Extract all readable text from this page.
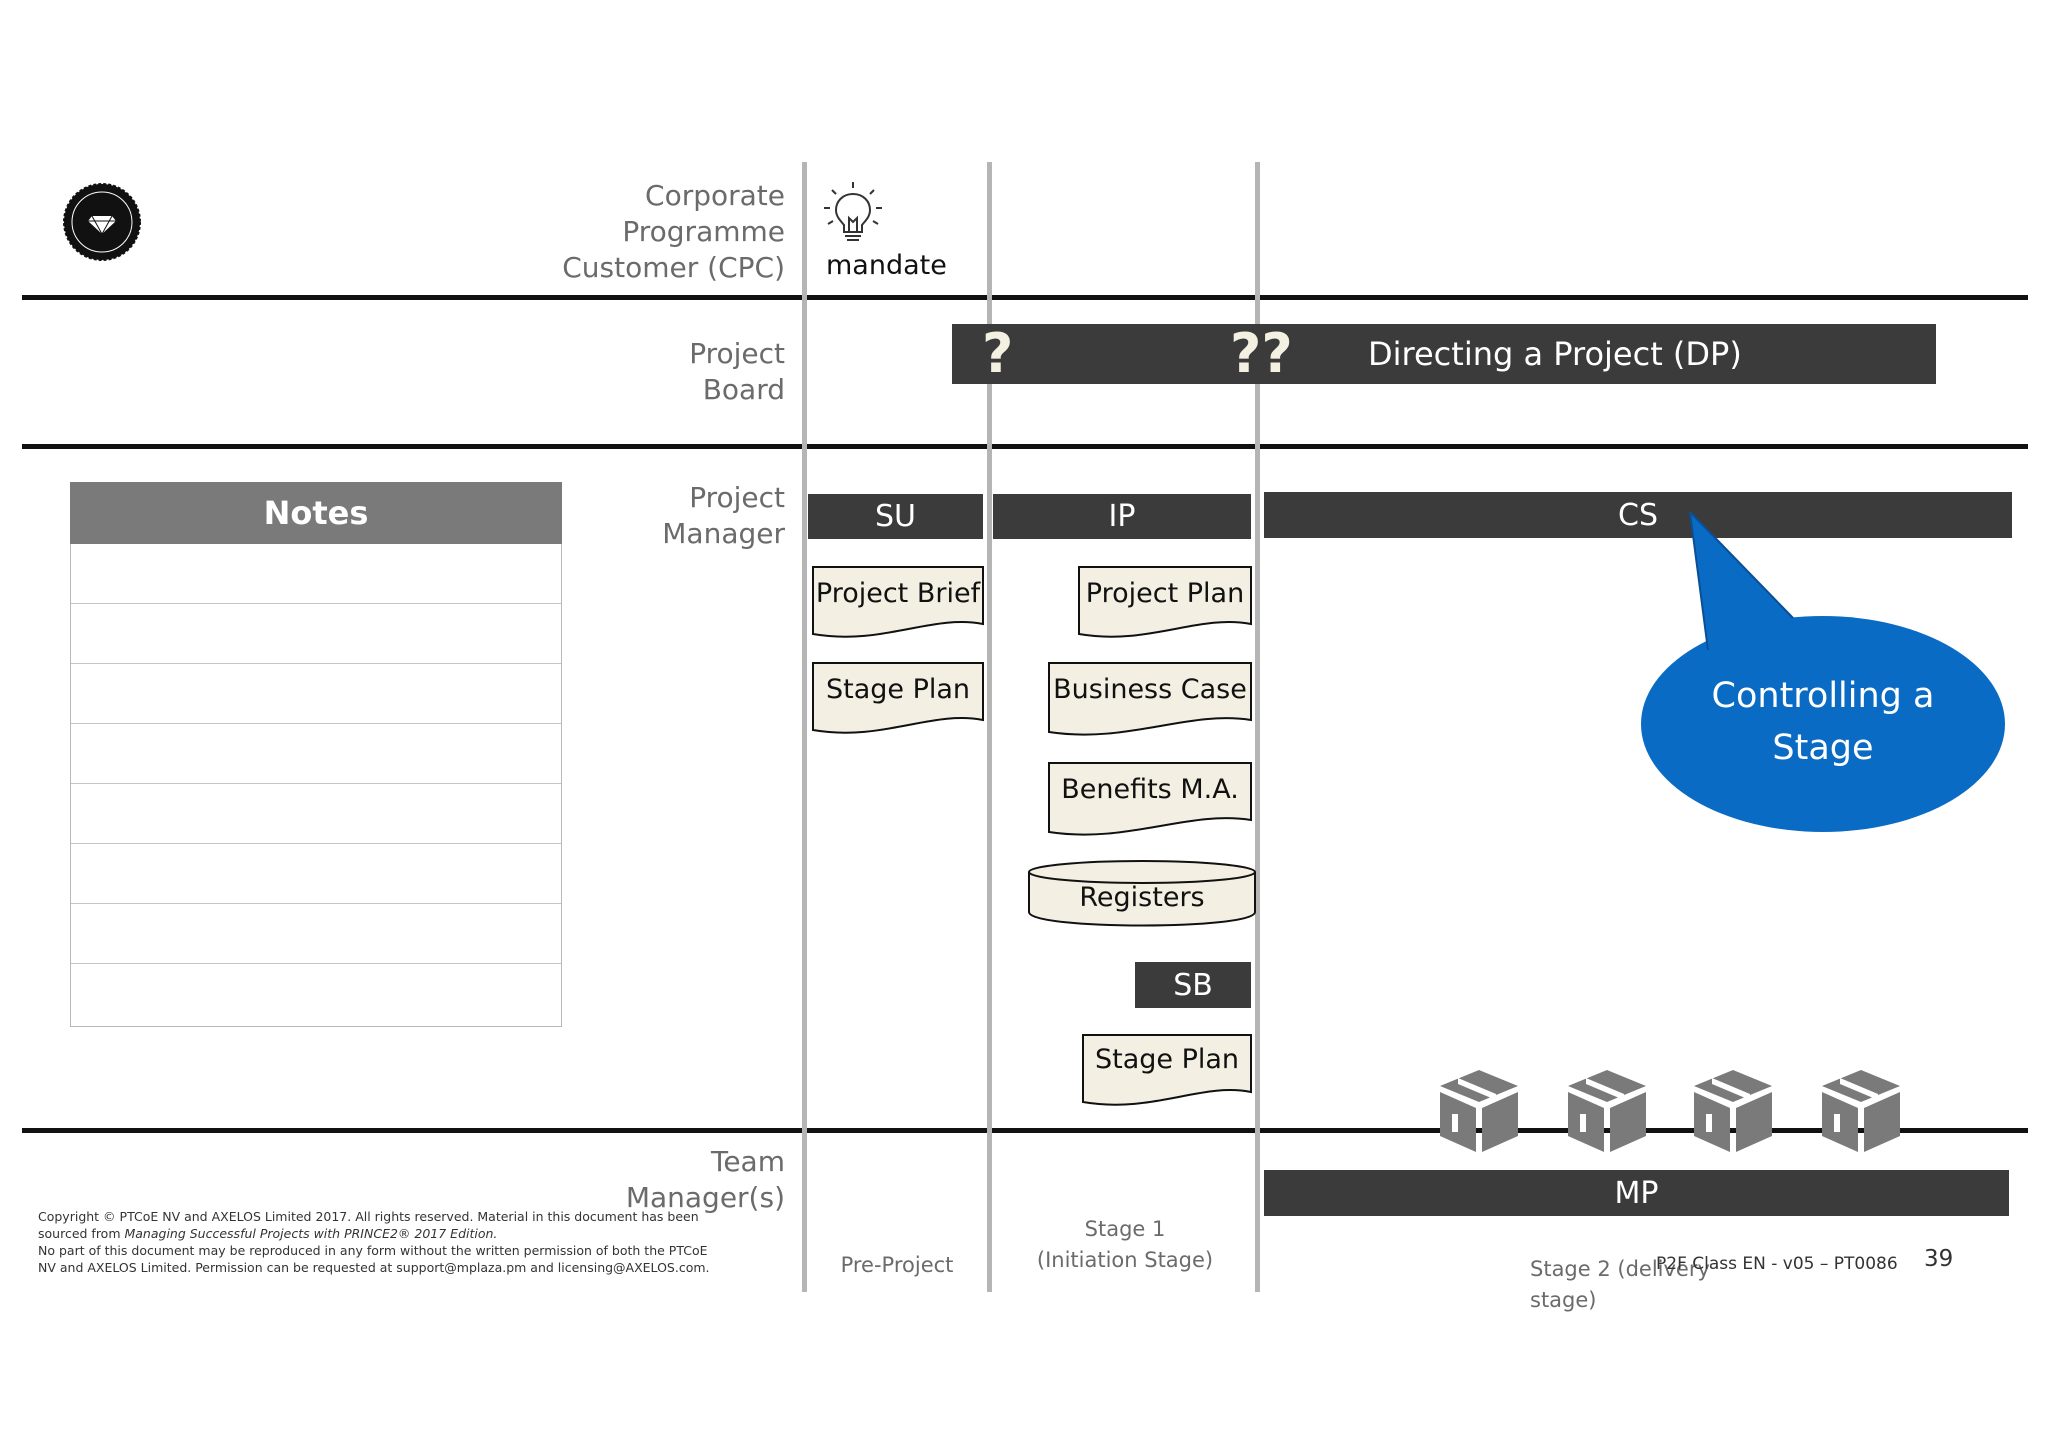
Corporate
Programme
Customer (CPC)
Project
Board
Project
Manager
Team
Manager(s)
mandate
?	?? Directing a Project (DP)
SU	IP	CS
SB
MP
Project Brief
Stage Plan
Project Plan
Business Case
Benefits M.A.
Registers
Stage Plan
Controlling a
Stage
Notes
Pre-Project
Stage 1
(Initiation Stage)	Stage 2 (delivery stage)
P2F Class EN - v05 – PT0086 39
Copyright © PTCoE NV and AXELOS Limited 2017. All rights reserved. Material in this document has been
sourced from Managing Successful Projects with PRINCE2® 2017 Edition.
No part of this document may be reproduced in any form without the written permission of both the PTCoE
NV and AXELOS Limited. Permission can be requested at support@mplaza.pm and licensing@AXELOS.com.
